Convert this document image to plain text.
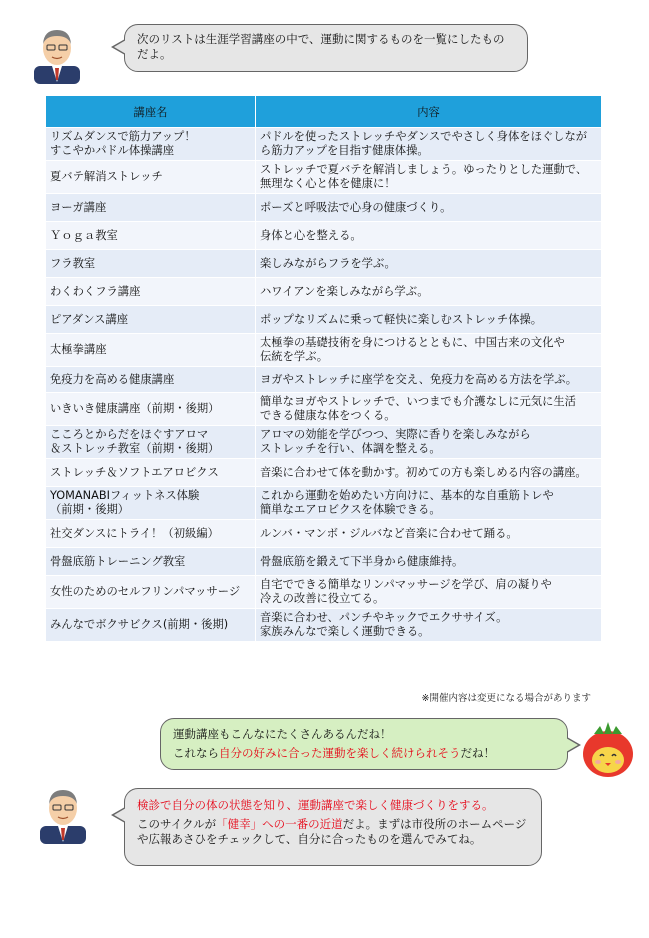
次のリストは生涯学習講座の中で、運動に関するものを一覧にしたものだよ。
講座名	内容
リズムダンスで筋力アップ！
すこやかパドル体操講座	パドルを使ったストレッチやダンスでやさしく身体をほぐしながら筋力アップを目指す健康体操。
夏バテ解消ストレッチ	ストレッチで夏バテを解消しましょう。ゆったりとした運動で、無理なく心と体を健康に！
ヨーガ講座	ポーズと呼吸法で心身の健康づくり。
Ｙｏｇａ教室	身体と心を整える。
フラ教室	楽しみながらフラを学ぶ。
わくわくフラ講座	ハワイアンを楽しみながら学ぶ。
ピアダンス講座	ポップなリズムに乗って軽快に楽しむストレッチ体操。
太極拳講座	太極拳の基礎技術を身につけるとともに、中国古来の文化や
伝統を学ぶ。
免疫力を高める健康講座	ヨガやストレッチに座学を交え、免疫力を高める方法を学ぶ。
いきいき健康講座（前期・後期）	簡単なヨガやストレッチで、いつまでも介護なしに元気に生活
できる健康な体をつくる。
こころとからだをほぐすアロマ
＆ストレッチ教室（前期・後期）	アロマの効能を学びつつ、実際に香りを楽しみながら
ストレッチを行い、体調を整える。
ストレッチ＆ソフトエアロビクス	音楽に合わせて体を動かす。初めての方も楽しめる内容の講座。
YOMANABIフィットネス体験
（前期・後期）	これから運動を始めたい方向けに、基本的な自重筋トレや
簡単なエアロビクスを体験できる。
社交ダンスにトライ！（初級編）	ルンバ・マンボ・ジルバなど音楽に合わせて踊る。
骨盤底筋トレーニング教室	骨盤底筋を鍛えて下半身から健康維持。
女性のためのセルフリンパマッサージ	自宅でできる簡単なリンパマッサージを学び、肩の凝りや
冷えの改善に役立てる。
みんなでボクサビクス(前期・後期)	音楽に合わせ、パンチやキックでエクササイズ。
家族みんなで楽しく運動できる。
※開催内容は変更になる場合があります
運動講座もこんなにたくさんあるんだね！
これなら自分の好みに合った運動を楽しく続けられそうだね！
検診で自分の体の状態を知り、運動講座で楽しく健康づくりをする。
このサイクルが「健幸」への一番の近道だよ。まずは市役所のホームページや広報あさひをチェックして、自分に合ったものを選んでみてね。
